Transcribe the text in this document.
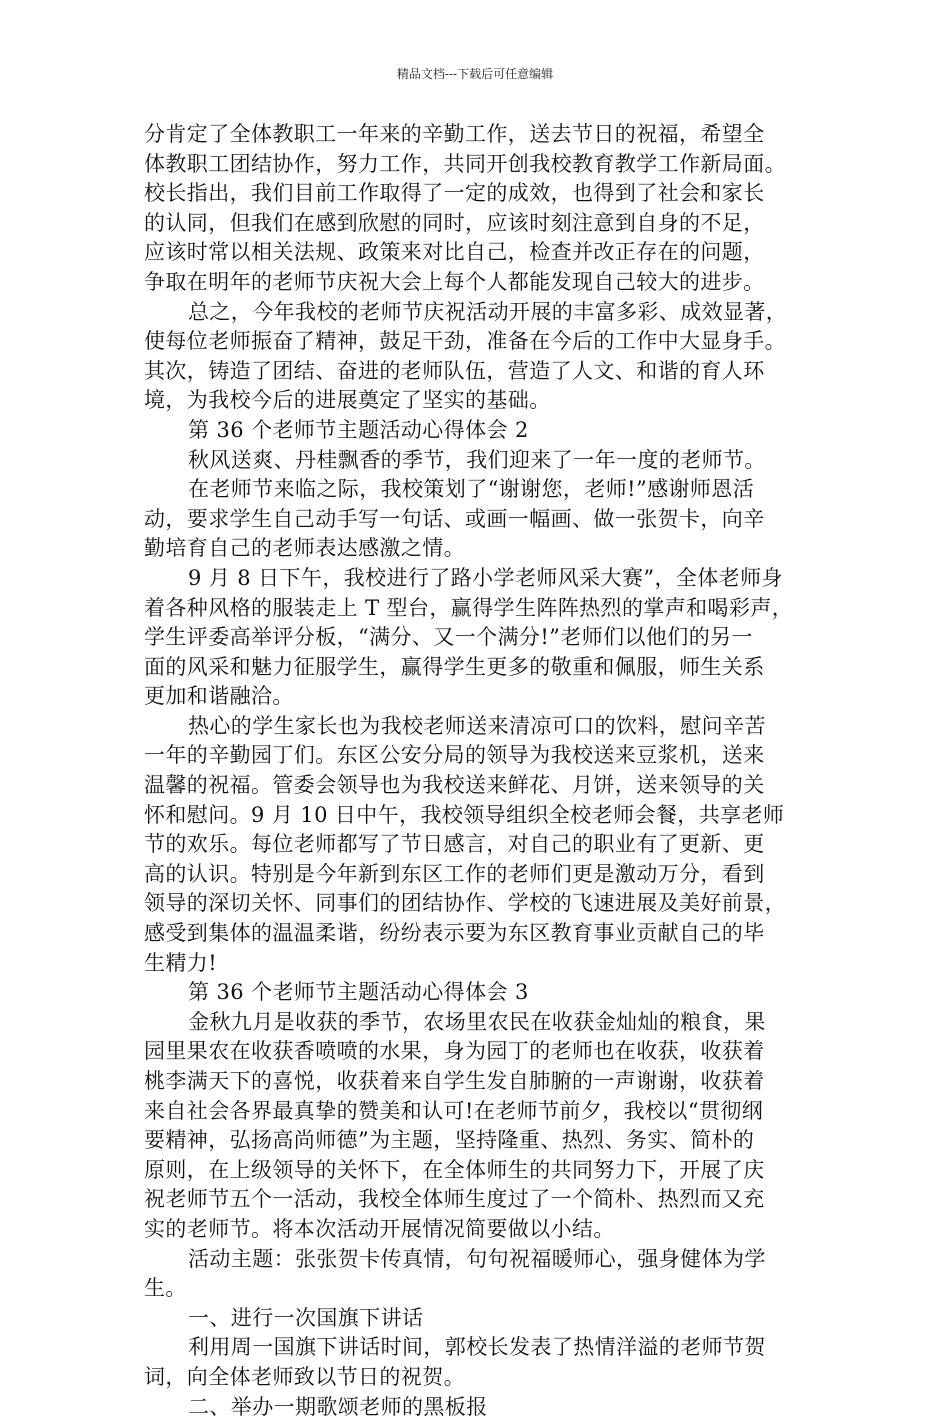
精品文档---下载后可任意编辑
分肯定了全体教职工一年来的辛勤工作，送去节日的祝福，希望全
体教职工团结协作，努力工作，共同开创我校教育教学工作新局面。
校长指出，我们目前工作取得了一定的成效，也得到了社会和家长
的认同，但我们在感到欣慰的同时，应该时刻注意到自身的不足，
应该时常以相关法规、政策来对比自己，检查并改正存在的问题，
争取在明年的老师节庆祝大会上每个人都能发现自己较大的进步。
总之，今年我校的老师节庆祝活动开展的丰富多彩、成效显著，
使每位老师振奋了精神，鼓足干劲，准备在今后的工作中大显身手。
其次，铸造了团结、奋进的老师队伍，营造了人文、和谐的育人环
境，为我校今后的进展奠定了坚实的基础。
第 36 个老师节主题活动心得体会 2
秋风送爽、丹桂飘香的季节，我们迎来了一年一度的老师节。
在老师节来临之际，我校策划了“谢谢您，老师!”感谢师恩活
动，要求学生自己动手写一句话、或画一幅画、做一张贺卡，向辛
勤培育自己的老师表达感激之情。
9 月 8 日下午，我校进行了路小学老师风采大赛”，全体老师身
着各种风格的服装走上 T 型台，赢得学生阵阵热烈的掌声和喝彩声，
学生评委高举评分板，“满分、又一个满分!”老师们以他们的另一
面的风采和魅力征服学生，赢得学生更多的敬重和佩服，师生关系
更加和谐融洽。
热心的学生家长也为我校老师送来清凉可口的饮料，慰问辛苦
一年的辛勤园丁们。东区公安分局的领导为我校送来豆浆机，送来
温馨的祝福。管委会领导也为我校送来鲜花、月饼，送来领导的关
怀和慰问。9 月 10 日中午，我校领导组织全校老师会餐，共享老师
节的欢乐。每位老师都写了节日感言，对自己的职业有了更新、更
高的认识。特别是今年新到东区工作的老师们更是激动万分，看到
领导的深切关怀、同事们的团结协作、学校的飞速进展及美好前景，
感受到集体的温温柔谐，纷纷表示要为东区教育事业贡献自己的毕
生精力!
第 36 个老师节主题活动心得体会 3
金秋九月是收获的季节，农场里农民在收获金灿灿的粮食，果
园里果农在收获香喷喷的水果，身为园丁的老师也在收获，收获着
桃李满天下的喜悦，收获着来自学生发自肺腑的一声谢谢，收获着
来自社会各界最真挚的赞美和认可!在老师节前夕，我校以“贯彻纲
要精神，弘扬高尚师德”为主题，坚持隆重、热烈、务实、简朴的
原则，在上级领导的关怀下，在全体师生的共同努力下，开展了庆
祝老师节五个一活动，我校全体师生度过了一个简朴、热烈而又充
实的老师节。将本次活动开展情况简要做以小结。
活动主题：张张贺卡传真情，句句祝福暖师心，强身健体为学
生。
一、进行一次国旗下讲话
利用周一国旗下讲话时间，郭校长发表了热情洋溢的老师节贺
词，向全体老师致以节日的祝贺。
二、举办一期歌颂老师的黑板报
